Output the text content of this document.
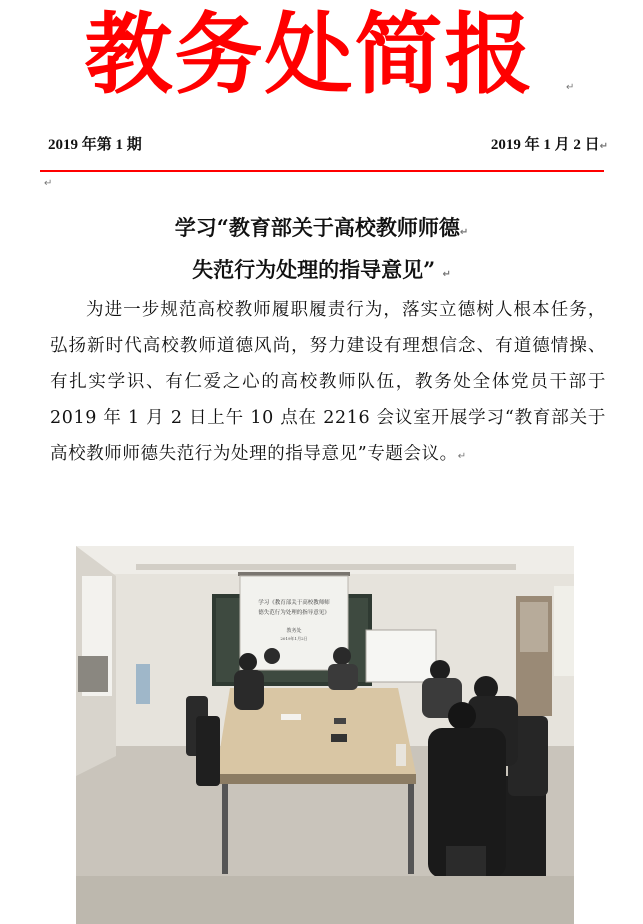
教务处简报	↵
2019 年第 1 期	2019 年 1 月 2 日↵
↵
学习“教育部关于高校教师师德↵
失范行为处理的指导意见” ↵
为进一步规范高校教师履职履责行为，落实立德树人根本任务，弘扬新时代高校教师道德风尚，努力建设有理想信念、有道德情操、有扎实学识、有仁爱之心的高校教师队伍，教务处全体党员干部于 2019 年 1 月 2 日上午 10 点在 2216 会议室开展学习“教育部关于高校教师师德失范行为处理的指导意见”专题会议。↵
学习《教育部关于高校教师师
德失范行为处理的指导意见》
教务处
2019年1月2日
